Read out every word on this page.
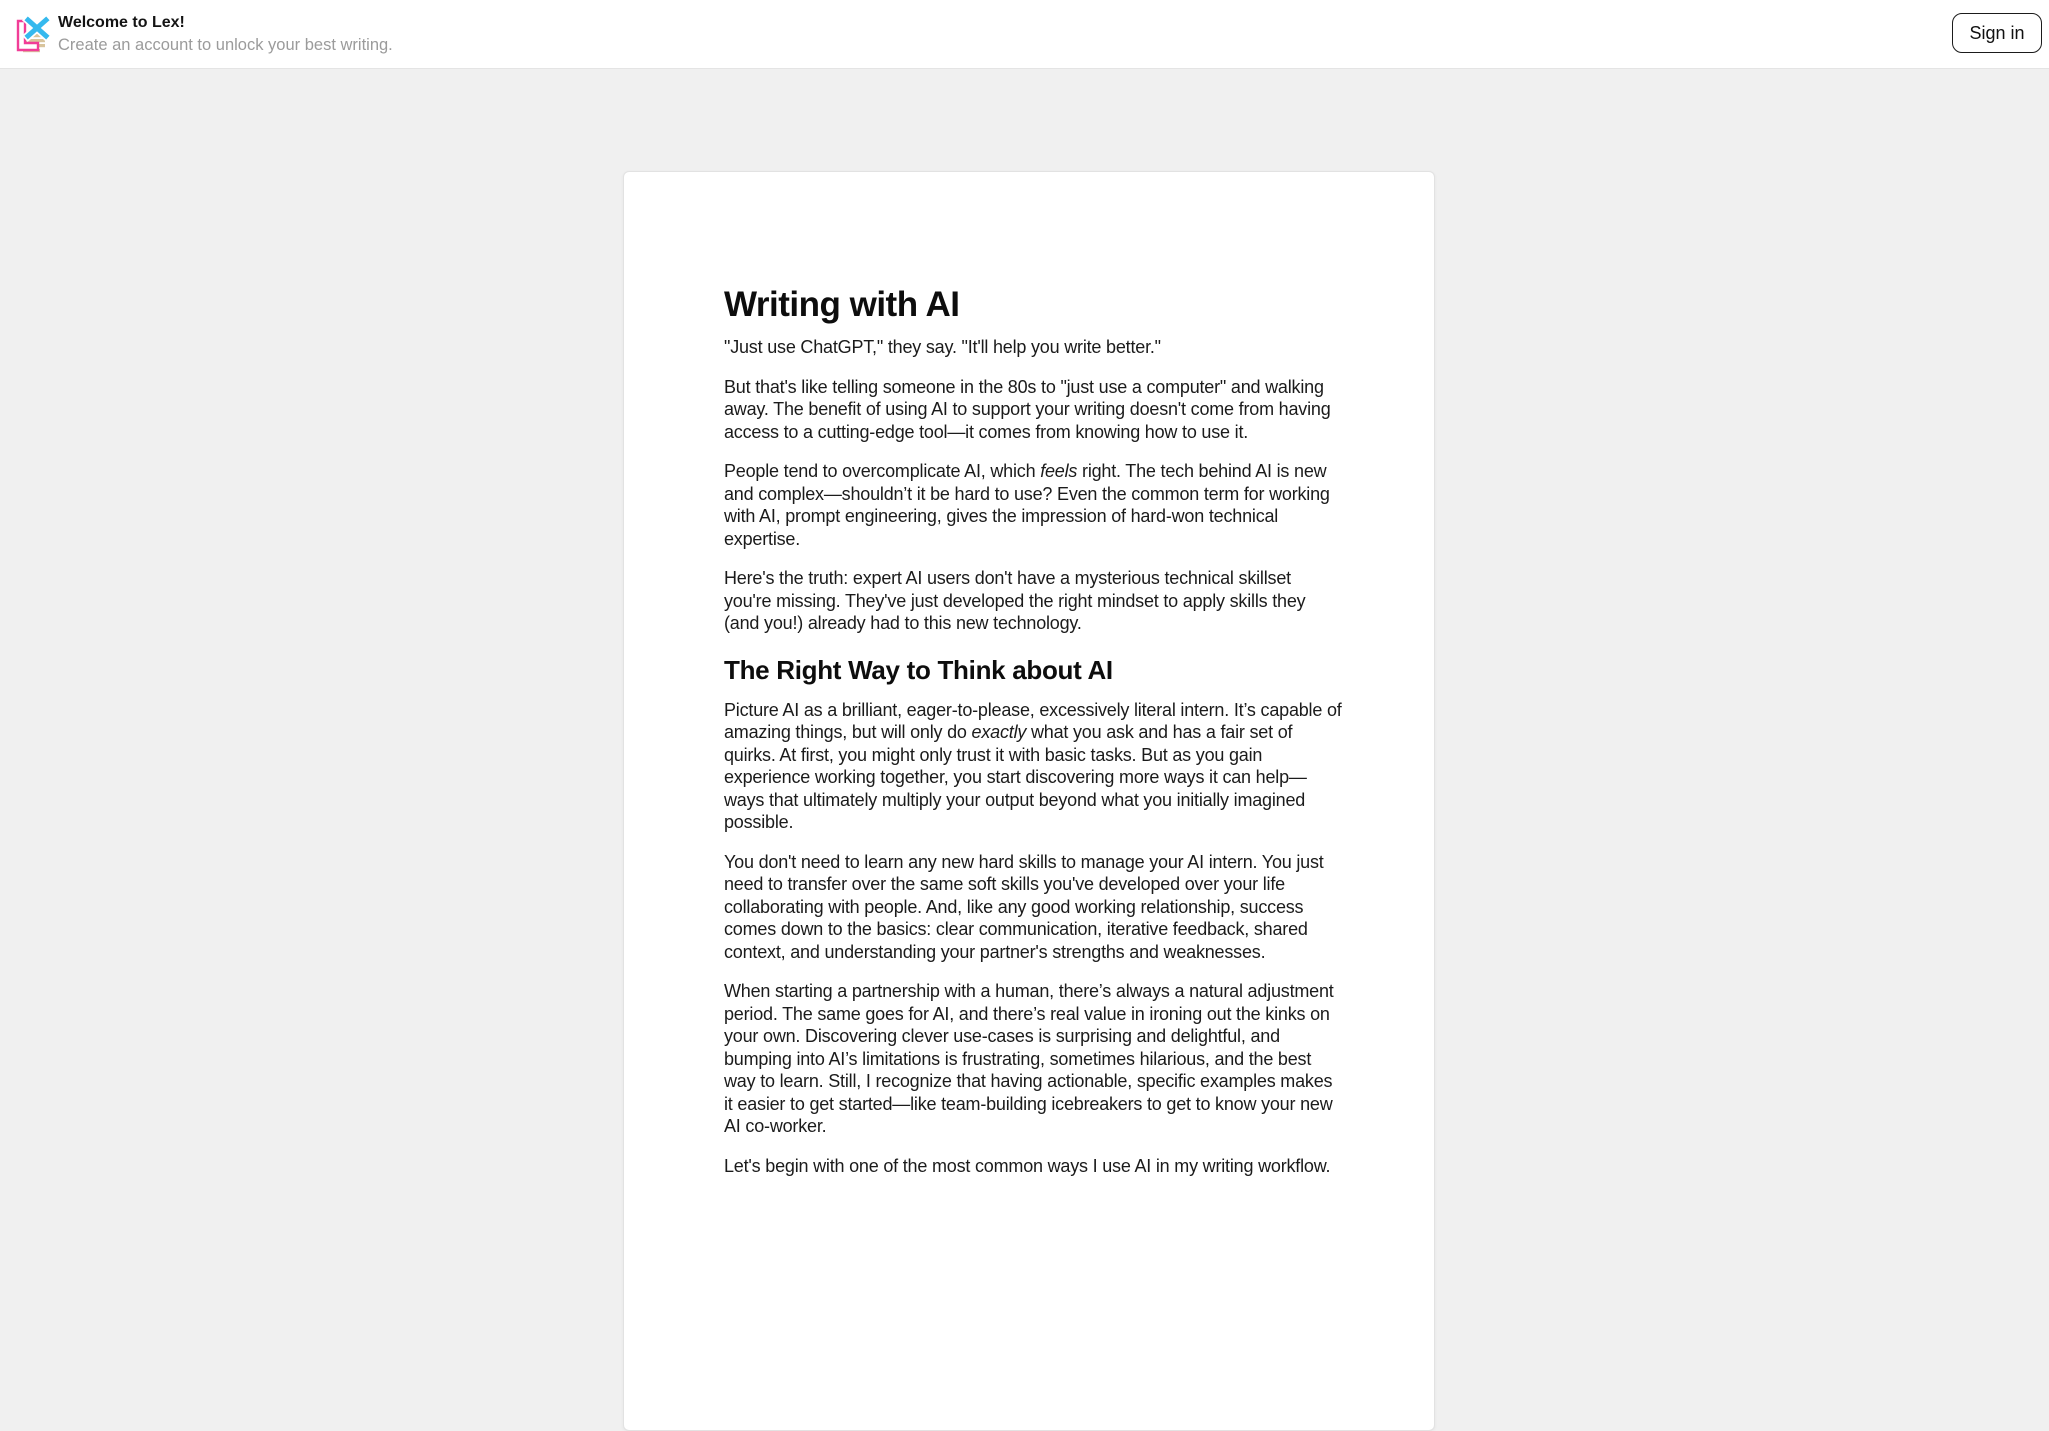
Welcome to Lex!
Create an account to unlock your best writing.
Sign in
Writing with AI

"Just use ChatGPT," they say. "It'll help you write better."

But that's like telling someone in the 80s to "just use a computer" and walking away. The benefit of using AI to support your writing doesn't come from having access to a cutting-edge tool—it comes from knowing how to use it.

People tend to overcomplicate AI, which feels right. The tech behind AI is new and complex—shouldn’t it be hard to use? Even the common term for working with AI, prompt engineering, gives the impression of hard-won technical expertise.

Here's the truth: expert AI users don't have a mysterious technical skillset you're missing. They've just developed the right mindset to apply skills they (and you!) already had to this new technology.

The Right Way to Think about AI

Picture AI as a brilliant, eager-to-please, excessively literal intern. It’s capable of amazing things, but will only do exactly what you ask and has a fair set of quirks. At first, you might only trust it with basic tasks. But as you gain experience working together, you start discovering more ways it can help—ways that ultimately multiply your output beyond what you initially imagined possible.

You don't need to learn any new hard skills to manage your AI intern. You just need to transfer over the same soft skills you've developed over your life collaborating with people. And, like any good working relationship, success comes down to the basics: clear communication, iterative feedback, shared context, and understanding your partner's strengths and weaknesses.

When starting a partnership with a human, there’s always a natural adjustment period. The same goes for AI, and there’s real value in ironing out the kinks on your own. Discovering clever use-cases is surprising and delightful, and bumping into AI’s limitations is frustrating, sometimes hilarious, and the best way to learn. Still, I recognize that having actionable, specific examples makes it easier to get started—like team-building icebreakers to get to know your new AI co-worker.

Let's begin with one of the most common ways I use AI in my writing workflow.
